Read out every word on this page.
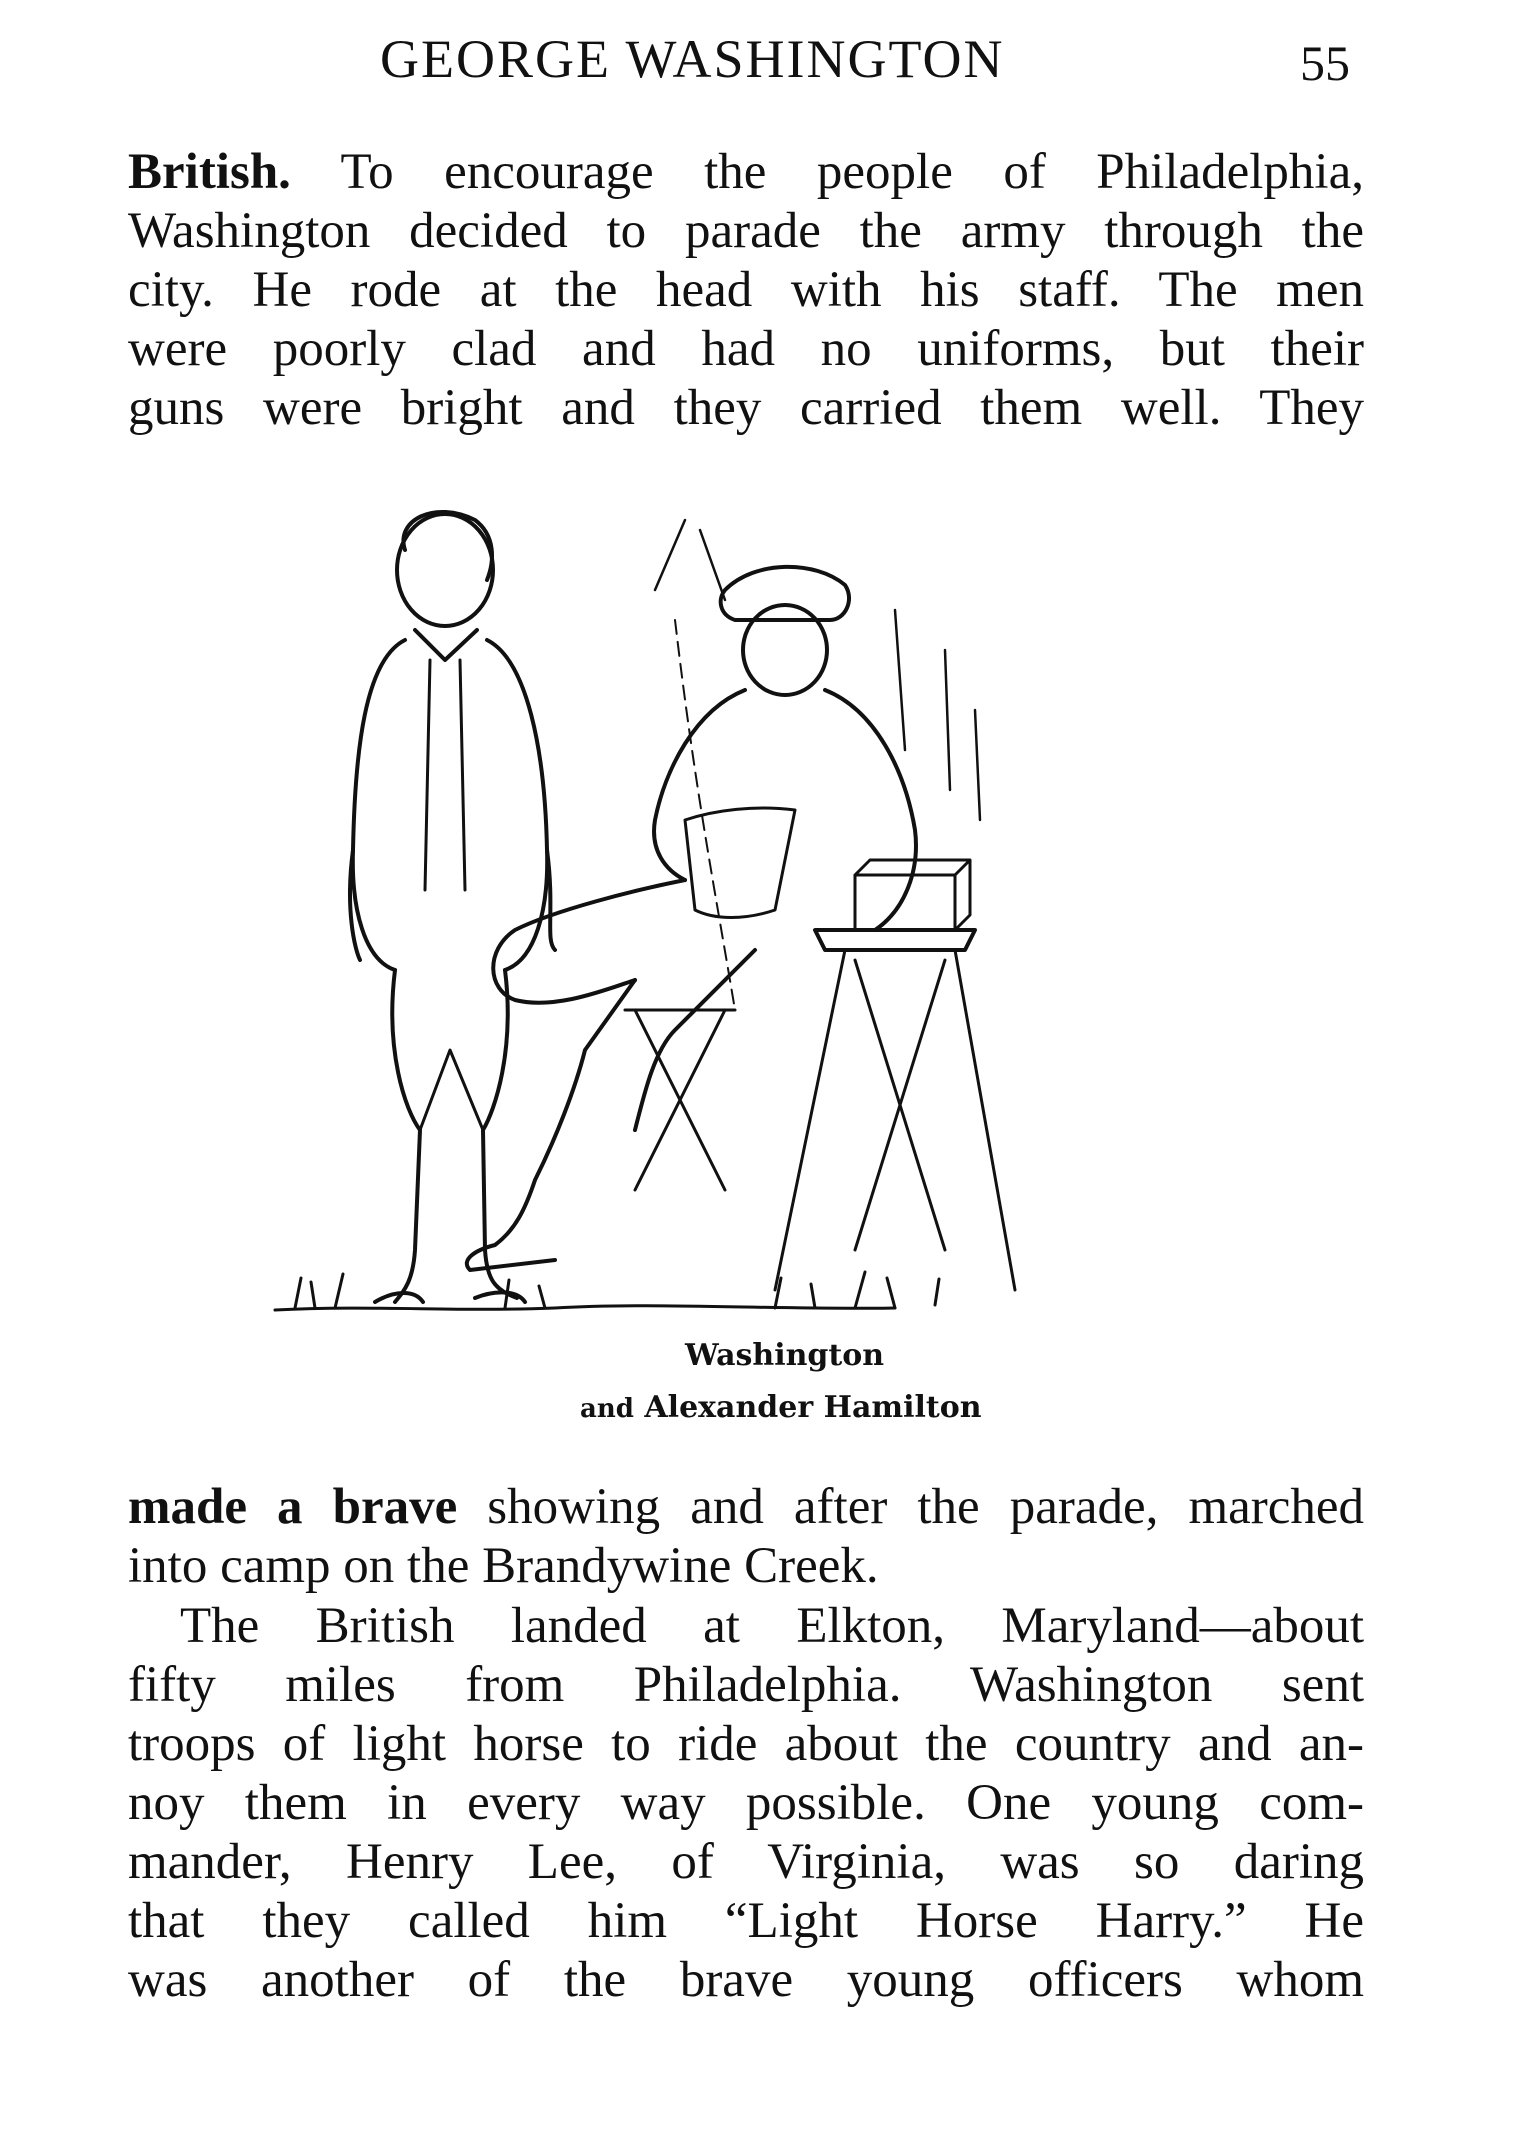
GEORGE WASHINGTON	55
British. To encourage the people of Philadelphia,
Washington decided to parade the army through the
city. He rode at the head with his staff. The men
were poorly clad and had no uniforms, but their
guns were bright and they carried them well. They
Washington
and Alexander Hamilton
made a brave showing and after the parade, marched
into camp on the Brandywine Creek.
The British landed at Elkton, Maryland—about
fifty miles from Philadelphia. Washington sent
troops of light horse to ride about the country and an-
noy them in every way possible. One young com-
mander, Henry Lee, of Virginia, was so daring
that they called him “Light Horse Harry.” He
was another of the brave young officers whom
